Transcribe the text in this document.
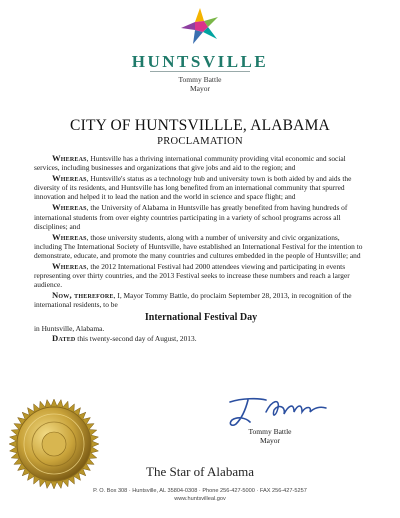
HUNTSVILLE
Tommy Battle
Mayor
CITY OF HUNTSVILLLE, ALABAMA
PROCLAMATION

Whereas, Huntsville has a thriving international community providing vital economic and social services, including businesses and organizations that give jobs and aid to the region; and

Whereas, Huntsville's status as a technology hub and university town is both aided by and aids the diversity of its residents, and Huntsville has long benefited from an international community that spurred innovation and helped it to lead the nation and the world in science and space flight; and

Whereas, the University of Alabama in Huntsville has greatly benefited from having hundreds of international students from over eighty countries participating in a variety of school programs across all disciplines; and

Whereas, those university students, along with a number of university and civic organizations, including The International Society of Huntsville, have established an International Festival for the intention to demonstrate, educate, and promote the many countries and cultures embedded in the people of Huntsville; and

Whereas, the 2012 International Festival had 2000 attendees viewing and participating in events representing over thirty countries, and the 2013 Festival seeks to increase these numbers and reach a larger audience.

Now, therefore, I, Mayor Tommy Battle, do proclaim September 28, 2013, in recognition of the international residents, to be

International Festival Day

in Huntsville, Alabama.

Dated this twenty-second day of August, 2013.

Tommy Battle
Mayor
The Star of Alabama
P. O. Box 308 · Huntsville, AL 35804-0308 · Phone 256-427-5000 · FAX 256-427-5257
www.huntsvilleal.gov
